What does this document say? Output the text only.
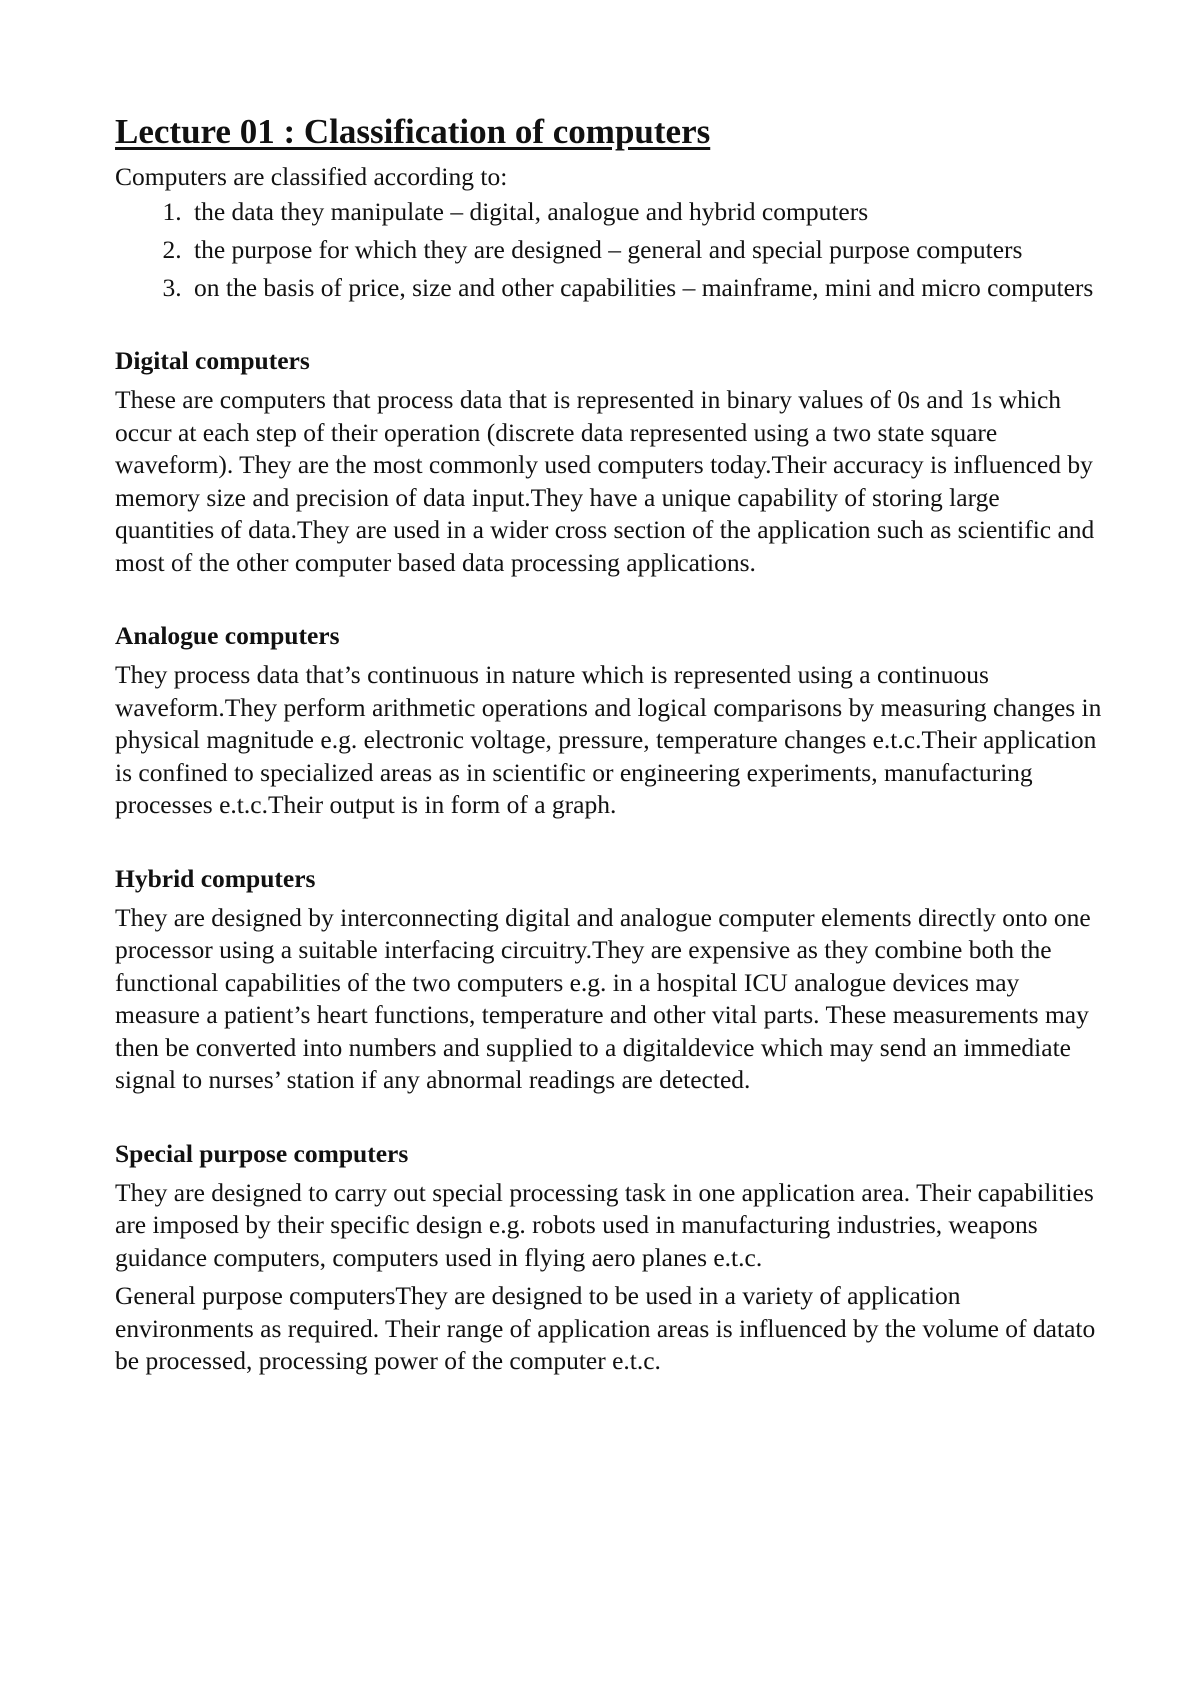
Lecture 01 : Classification of computers

Computers are classified according to:

1. the data they manipulate – digital, analogue and hybrid computers
2. the purpose for which they are designed – general and special purpose computers
3. on the basis of price, size and other capabilities – mainframe, mini and micro computers
Digital computers

These are computers that process data that is represented in binary values of 0s and 1s which occur at each step of their operation (discrete data represented using a two state square waveform). They are the most commonly used computers today.Their accuracy is influenced by memory size and precision of data input.They have a unique capability of storing large quantities of data.They are used in a wider cross section of the application such as scientific and most of the other computer based data processing applications.

Analogue computers

They process data that’s continuous in nature which is represented using a continuous waveform.They perform arithmetic operations and logical comparisons by measuring changes in physical magnitude e.g. electronic voltage, pressure, temperature changes e.t.c.Their application is confined to specialized areas as in scientific or engineering experiments, manufacturing processes e.t.c.Their output is in form of a graph.

Hybrid computers

They are designed by interconnecting digital and analogue computer elements directly onto one processor using a suitable interfacing circuitry.They are expensive as they combine both the functional capabilities of the two computers e.g. in a hospital ICU analogue devices may measure a patient’s heart functions, temperature and other vital parts. These measurements may then be converted into numbers and supplied to a digitaldevice which may send an immediate signal to nurses’ station if any abnormal readings are detected.

Special purpose computers

They are designed to carry out special processing task in one application area. Their capabilities are imposed by their specific design e.g. robots used in manufacturing industries, weapons guidance computers, computers used in flying aero planes e.t.c.

General purpose computersThey are designed to be used in a variety of application environments as required. Their range of application areas is influenced by the volume of datato be processed, processing power of the computer e.t.c.
